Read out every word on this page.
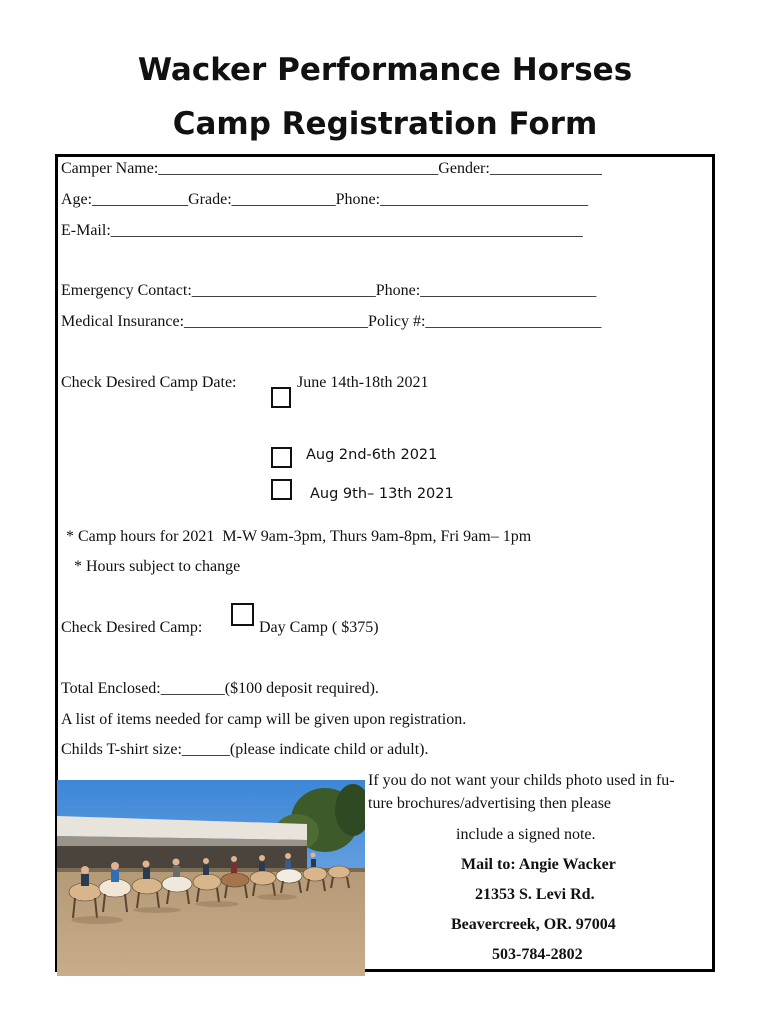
Wacker Performance Horses
Camp Registration Form
Camper Name:___________________________________Gender:______________
Age:____________Grade:_____________Phone:__________________________
E-Mail:___________________________________________________________
Emergency Contact:_______________________Phone:______________________
Medical Insurance:_______________________Policy #:______________________
Check Desired Camp Date:	June 14th-18th 2021
Aug 2nd-6th 2021
Aug 9th– 13th 2021
* Camp hours for 2021  M-W 9am-3pm, Thurs 9am-8pm, Fri 9am– 1pm
* Hours subject to change
Check Desired Camp:	Day Camp ( $375)
Total Enclosed:________($100 deposit required).
A list of items needed for camp will be given upon registration.
Childs T-shirt size:______(please indicate child or adult).
If you do not want your childs photo used in fu-
ture brochures/advertising then please
include a signed note.
Mail to: Angie Wacker
21353 S. Levi Rd.
Beavercreek, OR. 97004
503-784-2802
